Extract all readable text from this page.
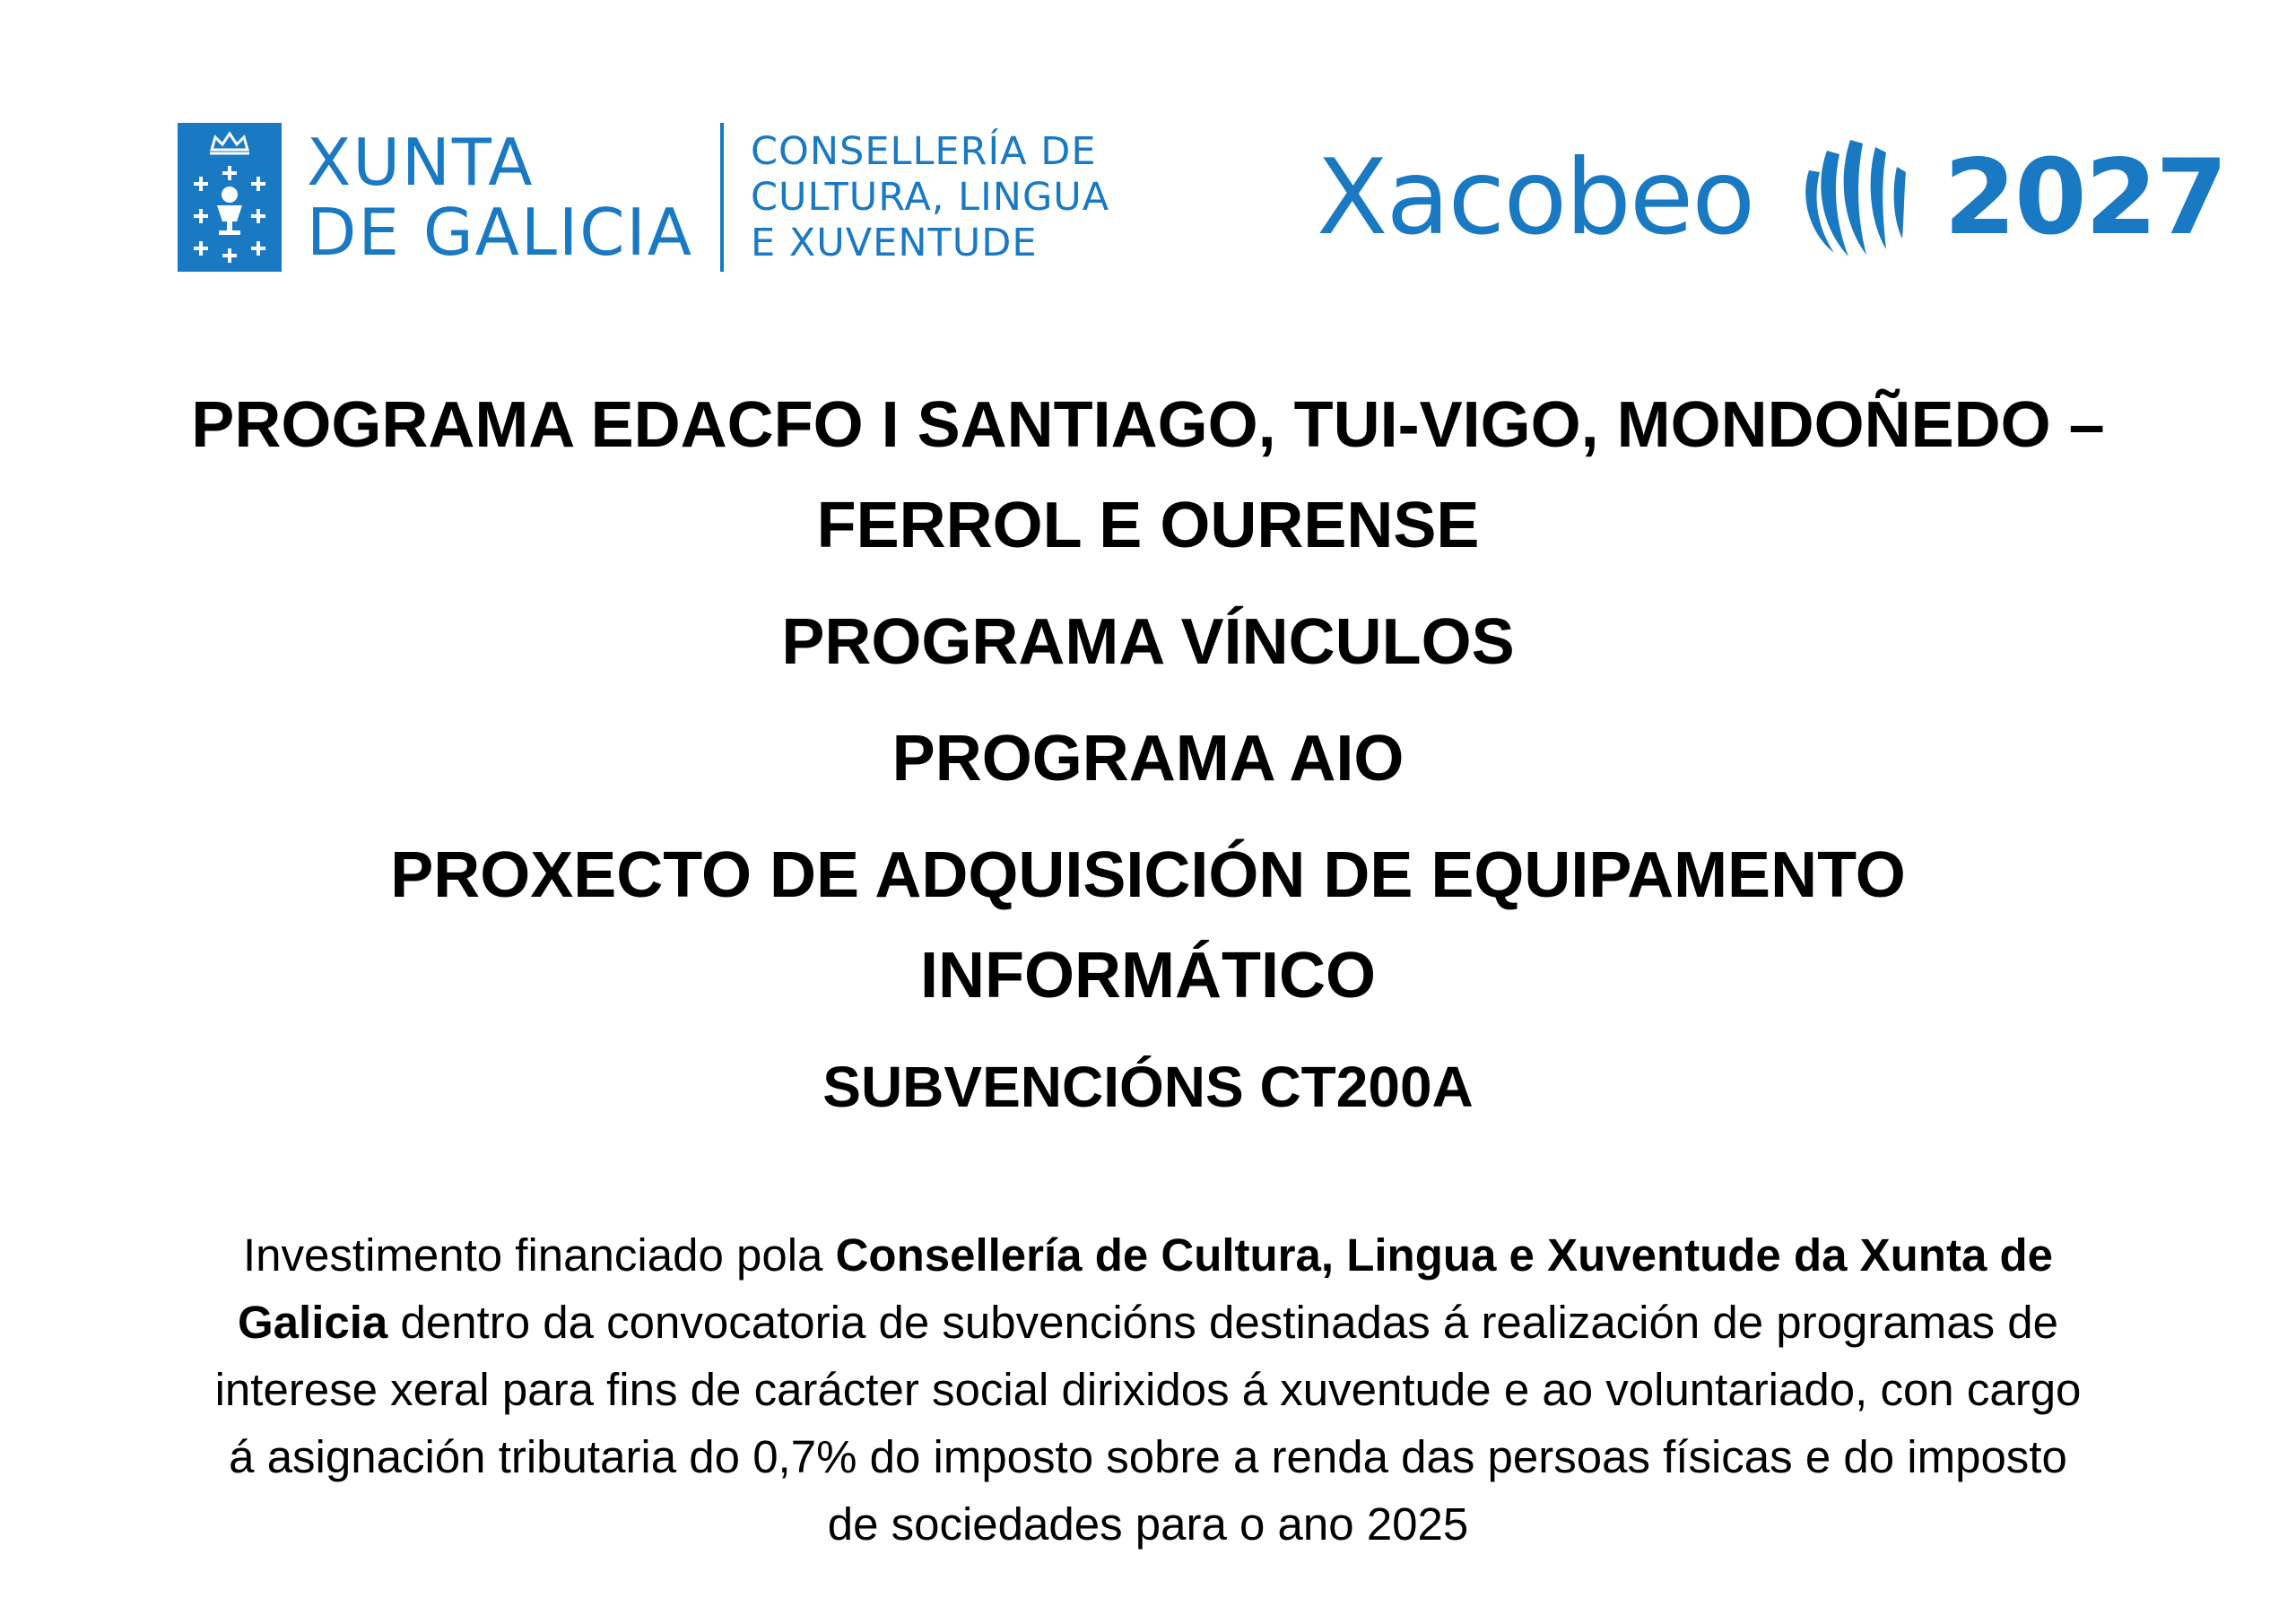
XUNTA
DE GALICIA
CONSELLERÍA DE
CULTURA, LINGUA
E XUVENTUDE	Xacobeo 2027

PROGRAMA EDACFO I SANTIAGO, TUI-VIGO, MONDOÑEDO –

FERROL E OURENSE

PROGRAMA VÍNCULOS

PROGRAMA AIO

PROXECTO DE ADQUISICIÓN DE EQUIPAMENTO

INFORMÁTICO

SUBVENCIÓNS CT200A

Investimento financiado pola Consellería de Cultura, Lingua e Xuventude da Xunta de Galicia dentro da convocatoria de subvencións destinadas á realización de programas de interese xeral para fins de carácter social dirixidos á xuventude e ao voluntariado, con cargo á asignación tributaria do 0,7% do imposto sobre a renda das persoas físicas e do imposto de sociedades para o ano 2025
